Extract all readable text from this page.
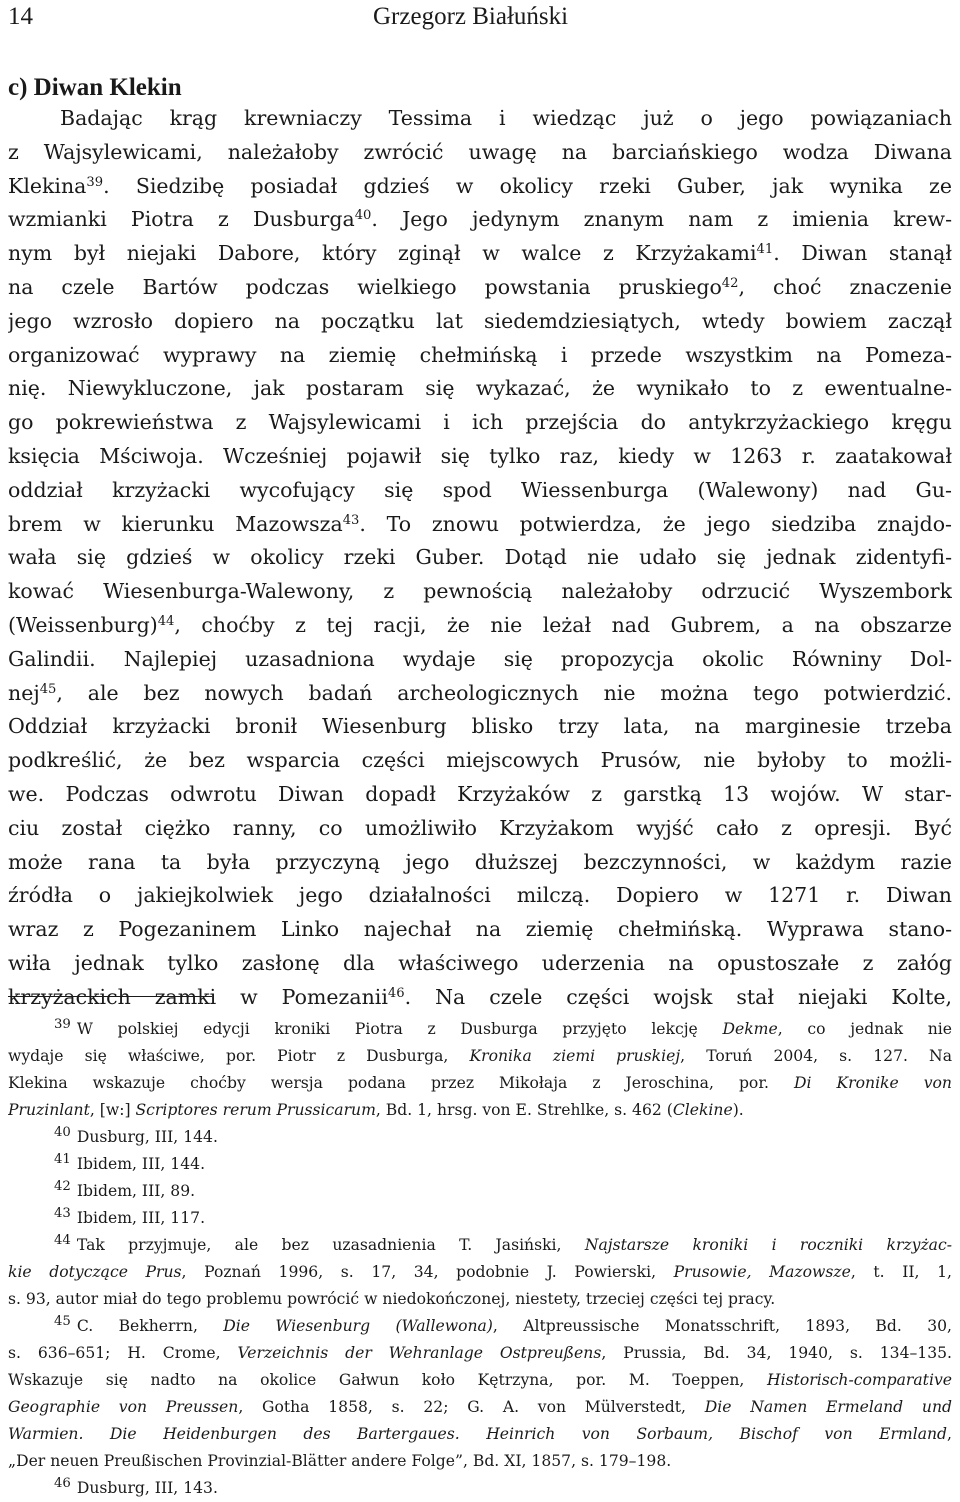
14	Grzegorz Białuński
c) Diwan Klekin
Badając krąg krewniaczy Tessima i wiedząc już o jego powiązaniach
z Wajsylewicami, należałoby zwrócić uwagę na barciańskiego wodza Diwana
Klekina$^{39}$. Siedzibę posiadał gdzieś w okolicy rzeki Guber, jak wynika ze
wzmianki Piotra z Dusburga$^{40}$. Jego jedynym znanym nam z imienia krew-
nym był niejaki Dabore, który zginął w walce z Krzyżakami$^{41}$. Diwan stanął
na czele Bartów podczas wielkiego powstania pruskiego$^{42}$, choć znaczenie
jego wzrosło dopiero na początku lat siedemdziesiątych, wtedy bowiem zaczął
organizować wyprawy na ziemię chełmińską i przede wszystkim na Pomeza-
nię. Niewykluczone, jak postaram się wykazać, że wynikało to z ewentualne-
go pokrewieństwa z Wajsylewicami i ich przejścia do antykrzyżackiego kręgu
księcia Mściwoja. Wcześniej pojawił się tylko raz, kiedy w 1263 r. zaatakował
oddział krzyżacki wycofujący się spod Wiessenburga (Walewony) nad Gu-
brem w kierunku Mazowsza$^{43}$. To znowu potwierdza, że jego siedziba znajdo-
wała się gdzieś w okolicy rzeki Guber. Dotąd nie udało się jednak zidentyfi-
kować Wiesenburga-Walewony, z pewnością należałoby odrzucić Wyszembork
(Weissenburg)$^{44}$, choćby z tej racji, że nie leżał nad Gubrem, a na obszarze
Galindii. Najlepiej uzasadniona wydaje się propozycja okolic Równiny Dol-
nej$^{45}$, ale bez nowych badań archeologicznych nie można tego potwierdzić.
Oddział krzyżacki bronił Wiesenburg blisko trzy lata, na marginesie trzeba
podkreślić, że bez wsparcia części miejscowych Prusów, nie byłoby to możli-
we. Podczas odwrotu Diwan dopadł Krzyżaków z garstką 13 wojów. W star-
ciu został ciężko ranny, co umożliwiło Krzyżakom wyjść cało z opresji. Być
może rana ta była przyczyną jego dłuższej bezczynności, w każdym razie
źródła o jakiejkolwiek jego działalności milczą. Dopiero w 1271 r. Diwan
wraz z Pogezaninem Linko najechał na ziemię chełmińską. Wyprawa stano-
wiła jednak tylko zasłonę dla właściwego uderzenia na opustoszałe z załóg
krzyżackich zamki w Pomezanii$^{46}$. Na czele części wojsk stał niejaki Kolte,
$^{39}$ W polskiej edycji kroniki Piotra z Dusburga przyjęto lekcję Dekme, co jednak nie
wydaje się właściwe, por. Piotr z Dusburga, Kronika ziemi pruskiej, Toruń 2004, s. 127. Na
Klekina wskazuje choćby wersja podana przez Mikołaja z Jeroschina, por. Di Kronike von
Pruzinlant, [w:] Scriptores rerum Prussicarum, Bd. 1, hrsg. von E. Strehlke, s. 462 (Clekine).
$^{40}$ Dusburg, III, 144.
$^{41}$ Ibidem, III, 144.
$^{42}$ Ibidem, III, 89.
$^{43}$ Ibidem, III, 117.
$^{44}$ Tak przyjmuje, ale bez uzasadnienia T. Jasiński, Najstarsze kroniki i roczniki krzyżac-
kie dotyczące Prus, Poznań 1996, s. 17, 34, podobnie J. Powierski, Prusowie, Mazowsze, t. II, 1,
s. 93, autor miał do tego problemu powrócić w niedokończonej, niestety, trzeciej części tej pracy.
$^{45}$ C. Bekherrn, Die Wiesenburg (Wallewona), Altpreussische Monatsschrift, 1893, Bd. 30,
s. 636–651; H. Crome, Verzeichnis der Wehranlage Ostpreußens, Prussia, Bd. 34, 1940, s. 134–135.
Wskazuje się nadto na okolice Gałwun koło Kętrzyna, por. M. Toeppen, Historisch-comparative
Geographie von Preussen, Gotha 1858, s. 22; G. A. von Mülverstedt, Die Namen Ermeland und
Warmien. Die Heidenburgen des Bartergaues. Heinrich von Sorbaum, Bischof von Ermland,
„Der neuen Preußischen Provinzial-Blätter andere Folge”, Bd. XI, 1857, s. 179–198.
$^{46}$ Dusburg, III, 143.
